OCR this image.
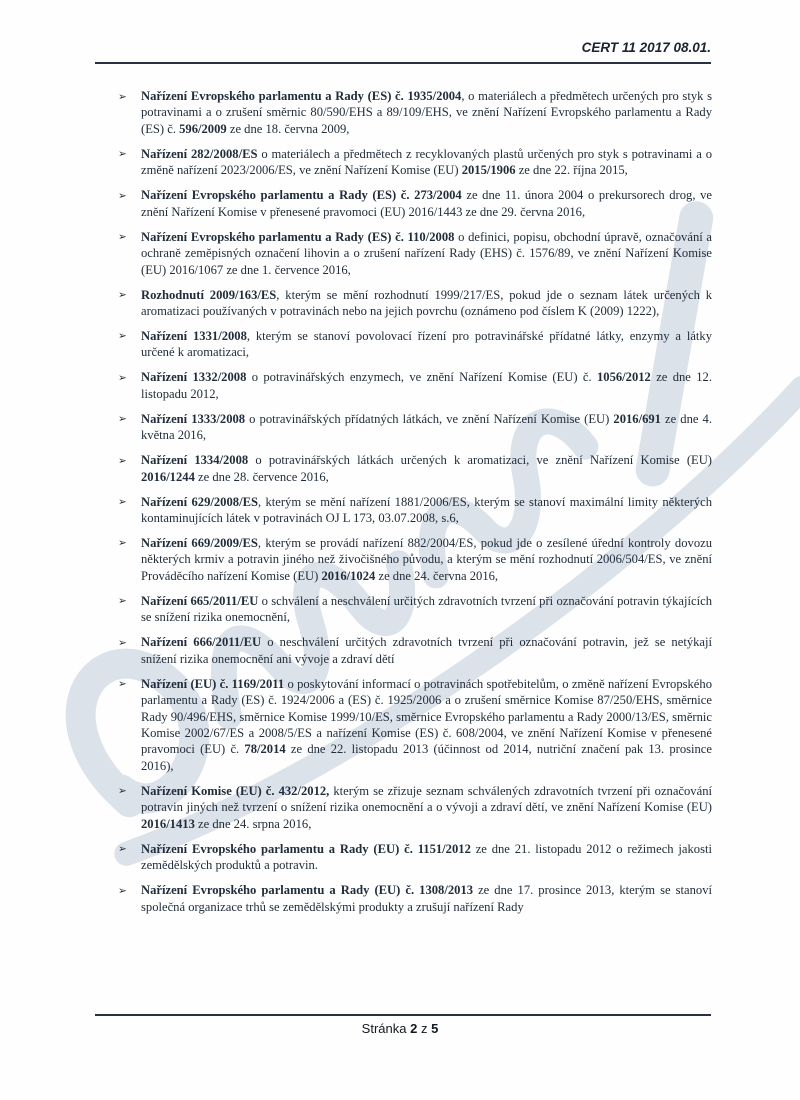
CERT 11 2017 08.01.
➢ Nařízení Evropského parlamentu a Rady (ES) č. 1935/2004, o materiálech a předmětech určených pro styk s potravinami a o zrušení směrnic 80/590/EHS a 89/109/EHS, ve znění Nařízení Evropského parlamentu a Rady (ES) č. 596/2009 ze dne 18. června 2009,
➢ Nařízení 282/2008/ES o materiálech a předmětech z recyklovaných plastů určených pro styk s potravinami a o změně nařízení 2023/2006/ES, ve znění Nařízení Komise (EU) 2015/1906 ze dne 22. října 2015,
➢ Nařízení Evropského parlamentu a Rady (ES) č. 273/2004 ze dne 11. února 2004 o prekursorech drog, ve znění Nařízení Komise v přenesené pravomoci (EU) 2016/1443 ze dne 29. června 2016,
➢ Nařízení Evropského parlamentu a Rady (ES) č. 110/2008 o definici, popisu, obchodní úpravě, označování a ochraně zeměpisných označení lihovin a o zrušení nařízení Rady (EHS) č. 1576/89, ve znění Nařízení Komise (EU) 2016/1067 ze dne 1. července 2016,
➢ Rozhodnutí 2009/163/ES, kterým se mění rozhodnutí 1999/217/ES, pokud jde o seznam látek určených k aromatizaci používaných v potravinách nebo na jejich povrchu (oznámeno pod číslem K (2009) 1222),
➢ Nařízení 1331/2008, kterým se stanoví povolovací řízení pro potravinářské přídatné látky, enzymy a látky určené k aromatizaci,
➢ Nařízení 1332/2008 o potravinářských enzymech, ve znění Nařízení Komise (EU) č. 1056/2012 ze dne 12. listopadu 2012,
➢ Nařízení 1333/2008 o potravinářských přídatných látkách, ve znění Nařízení Komise (EU) 2016/691 ze dne 4. května 2016,
➢ Nařízení 1334/2008 o potravinářských látkách určených k aromatizaci, ve znění Nařízení Komise (EU) 2016/1244 ze dne 28. července 2016,
➢ Nařízení 629/2008/ES, kterým se mění nařízení 1881/2006/ES, kterým se stanoví maximální limity některých kontaminujících látek v potravinách OJ L 173, 03.07.2008, s.6,
➢ Nařízení 669/2009/ES, kterým se provádí nařízení 882/2004/ES, pokud jde o zesílené úřední kontroly dovozu některých krmiv a potravin jiného než živočišného původu, a kterým se mění rozhodnutí 2006/504/ES, ve znění Prováděcího nařízení Komise (EU) 2016/1024 ze dne 24. června 2016,
➢ Nařízení 665/2011/EU o schválení a neschválení určitých zdravotních tvrzení při označování potravin týkajících se snížení rizika onemocnění,
➢ Nařízení 666/2011/EU o neschválení určitých zdravotních tvrzení při označování potravin, jež se netýkají snížení rizika onemocnění ani vývoje a zdraví dětí
➢ Nařízení (EU) č. 1169/2011 o poskytování informací o potravinách spotřebitelům, o změně nařízení Evropského parlamentu a Rady (ES) č. 1924/2006 a (ES) č. 1925/2006 a o zrušení směrnice Komise 87/250/EHS, směrnice Rady 90/496/EHS, směrnice Komise 1999/10/ES, směrnice Evropského parlamentu a Rady 2000/13/ES, směrnic Komise 2002/67/ES a 2008/5/ES a nařízení Komise (ES) č. 608/2004, ve znění Nařízení Komise v přenesené pravomoci (EU) č. 78/2014 ze dne 22. listopadu 2013 (účinnost od 2014, nutriční značení pak 13. prosince 2016),
➢ Nařízení Komise (EU) č. 432/2012, kterým se zřizuje seznam schválených zdravotních tvrzení při označování potravin jiných než tvrzení o snížení rizika onemocnění a o vývoji a zdraví dětí, ve znění Nařízení Komise (EU) 2016/1413 ze dne 24. srpna 2016,
➢ Nařízení Evropského parlamentu a Rady (EU) č. 1151/2012 ze dne 21. listopadu 2012 o režimech jakosti zemědělských produktů a potravin.
➢ Nařízení Evropského parlamentu a Rady (EU) č. 1308/2013 ze dne 17. prosince 2013, kterým se stanoví společná organizace trhů se zemědělskými produkty a zrušují nařízení Rady
Stránka 2 z 5
